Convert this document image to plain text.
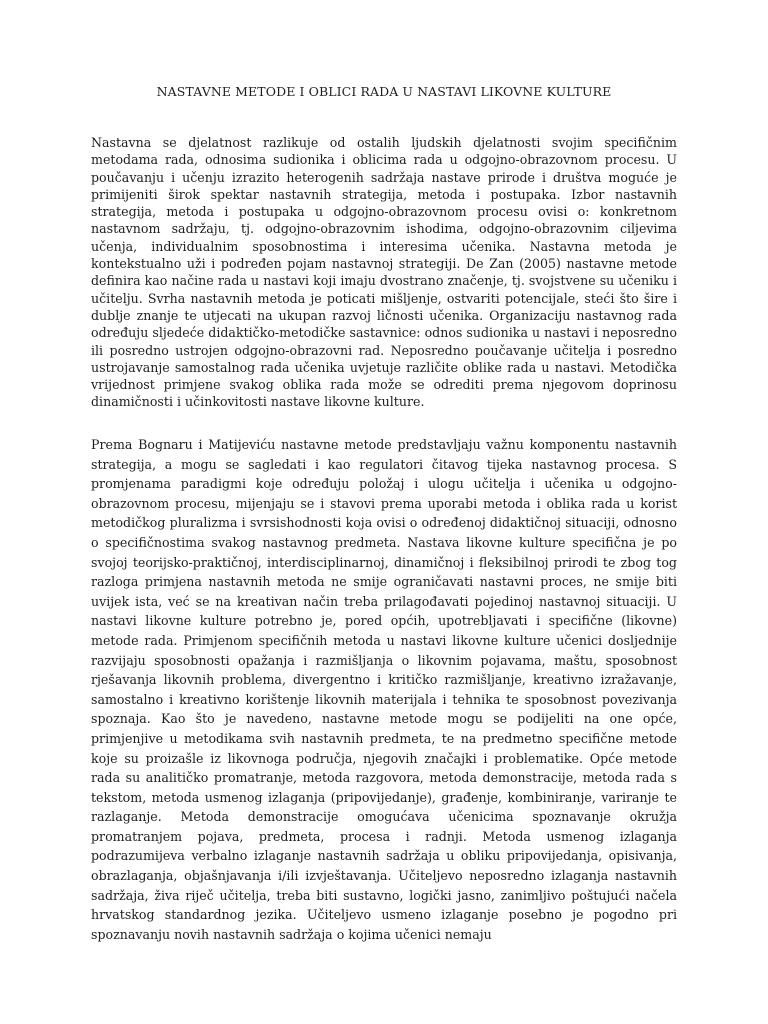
NASTAVNE METODE I OBLICI RADA U NASTAVI LIKOVNE KULTURE

Nastavna se djelatnost razlikuje od ostalih ljudskih djelatnosti svojim specifičnim metodama rada, odnosima sudionika i oblicima rada u odgojno-obrazovnom procesu. U poučavanju i učenju izrazito heterogenih sadržaja nastave prirode i društva moguće je primijeniti širok spektar nastavnih strategija, metoda i postupaka. Izbor nastavnih strategija, metoda i postupaka u odgojno-obrazovnom procesu ovisi o: konkretnom nastavnom sadržaju, tj. odgojno-obrazovnim ishodima, odgojno-obrazovnim ciljevima učenja, individualnim sposobnostima i interesima učenika. Nastavna metoda je kontekstualno uži i podređen pojam nastavnoj strategiji. De Zan (2005) nastavne metode definira kao načine rada u nastavi koji imaju dvostrano značenje, tj. svojstvene su učeniku i učitelju. Svrha nastavnih metoda je poticati mišljenje, ostvariti potencijale, steći što šire i dublje znanje te utjecati na ukupan razvoj ličnosti učenika. Organizaciju nastavnog rada određuju sljedeće didaktičko-metodičke sastavnice: odnos sudionika u nastavi i neposredno ili posredno ustrojen odgojno-obrazovni rad. Neposredno poučavanje učitelja i posredno ustrojavanje samostalnog rada učenika uvjetuje različite oblike rada u nastavi. Metodička vrijednost primjene svakog oblika rada može se odrediti prema njegovom doprinosu dinamičnosti i učinkovitosti nastave likovne kulture.

Prema Bognaru i Matijeviću nastavne metode predstavljaju važnu komponentu nastavnih strategija, a mogu se sagledati i kao regulatori čitavog tijeka nastavnog procesa. S promjenama paradigmi koje određuju položaj i ulogu učitelja i učenika u odgojno-obrazovnom procesu, mijenjaju se i stavovi prema uporabi metoda i oblika rada u korist metodičkog pluralizma i svrsishodnosti koja ovisi o određenoj didaktičnoj situaciji, odnosno o specifičnostima svakog nastavnog predmeta. Nastava likovne kulture specifična je po svojoj teorijsko-praktičnoj, interdisciplinarnoj, dinamičnoj i fleksibilnoj prirodi te zbog tog razloga primjena nastavnih metoda ne smije ograničavati nastavni proces, ne smije biti uvijek ista, već se na kreativan način treba prilagođavati pojedinoj nastavnoj situaciji. U nastavi likovne kulture potrebno je, pored općih, upotrebljavati i specifične (likovne) metode rada. Primjenom specifičnih metoda u nastavi likovne kulture učenici dosljednije razvijaju sposobnosti opažanja i razmišljanja o likovnim pojavama, maštu, sposobnost rješavanja likovnih problema, divergentno i kritičko razmišljanje, kreativno izražavanje, samostalno i kreativno korištenje likovnih materijala i tehnika te sposobnost povezivanja spoznaja. Kao što je navedeno, nastavne metode mogu se podijeliti na one opće, primjenjive u metodikama svih nastavnih predmeta, te na predmetno specifične metode koje su proizašle iz likovnoga područja, njegovih značajki i problematike. Opće metode rada su analitičko promatranje, metoda razgovora, metoda demonstracije, metoda rada s tekstom, metoda usmenog izlaganja (pripovijedanje), građenje, kombiniranje, variranje te razlaganje. Metoda demonstracije omogućava učenicima spoznavanje okružja promatranjem pojava, predmeta, procesa i radnji. Metoda usmenog izlaganja podrazumijeva verbalno izlaganje nastavnih sadržaja u obliku pripovijedanja, opisivanja, obrazlaganja, objašnjavanja i/ili izvještavanja. Učiteljevo neposredno izlaganja nastavnih sadržaja, živa riječ učitelja, treba biti sustavno, logički jasno, zanimljivo poštujući načela hrvatskog standardnog jezika. Učiteljevo usmeno izlaganje posebno je pogodno pri spoznavanju novih nastavnih sadržaja o kojima učenici nemaju
